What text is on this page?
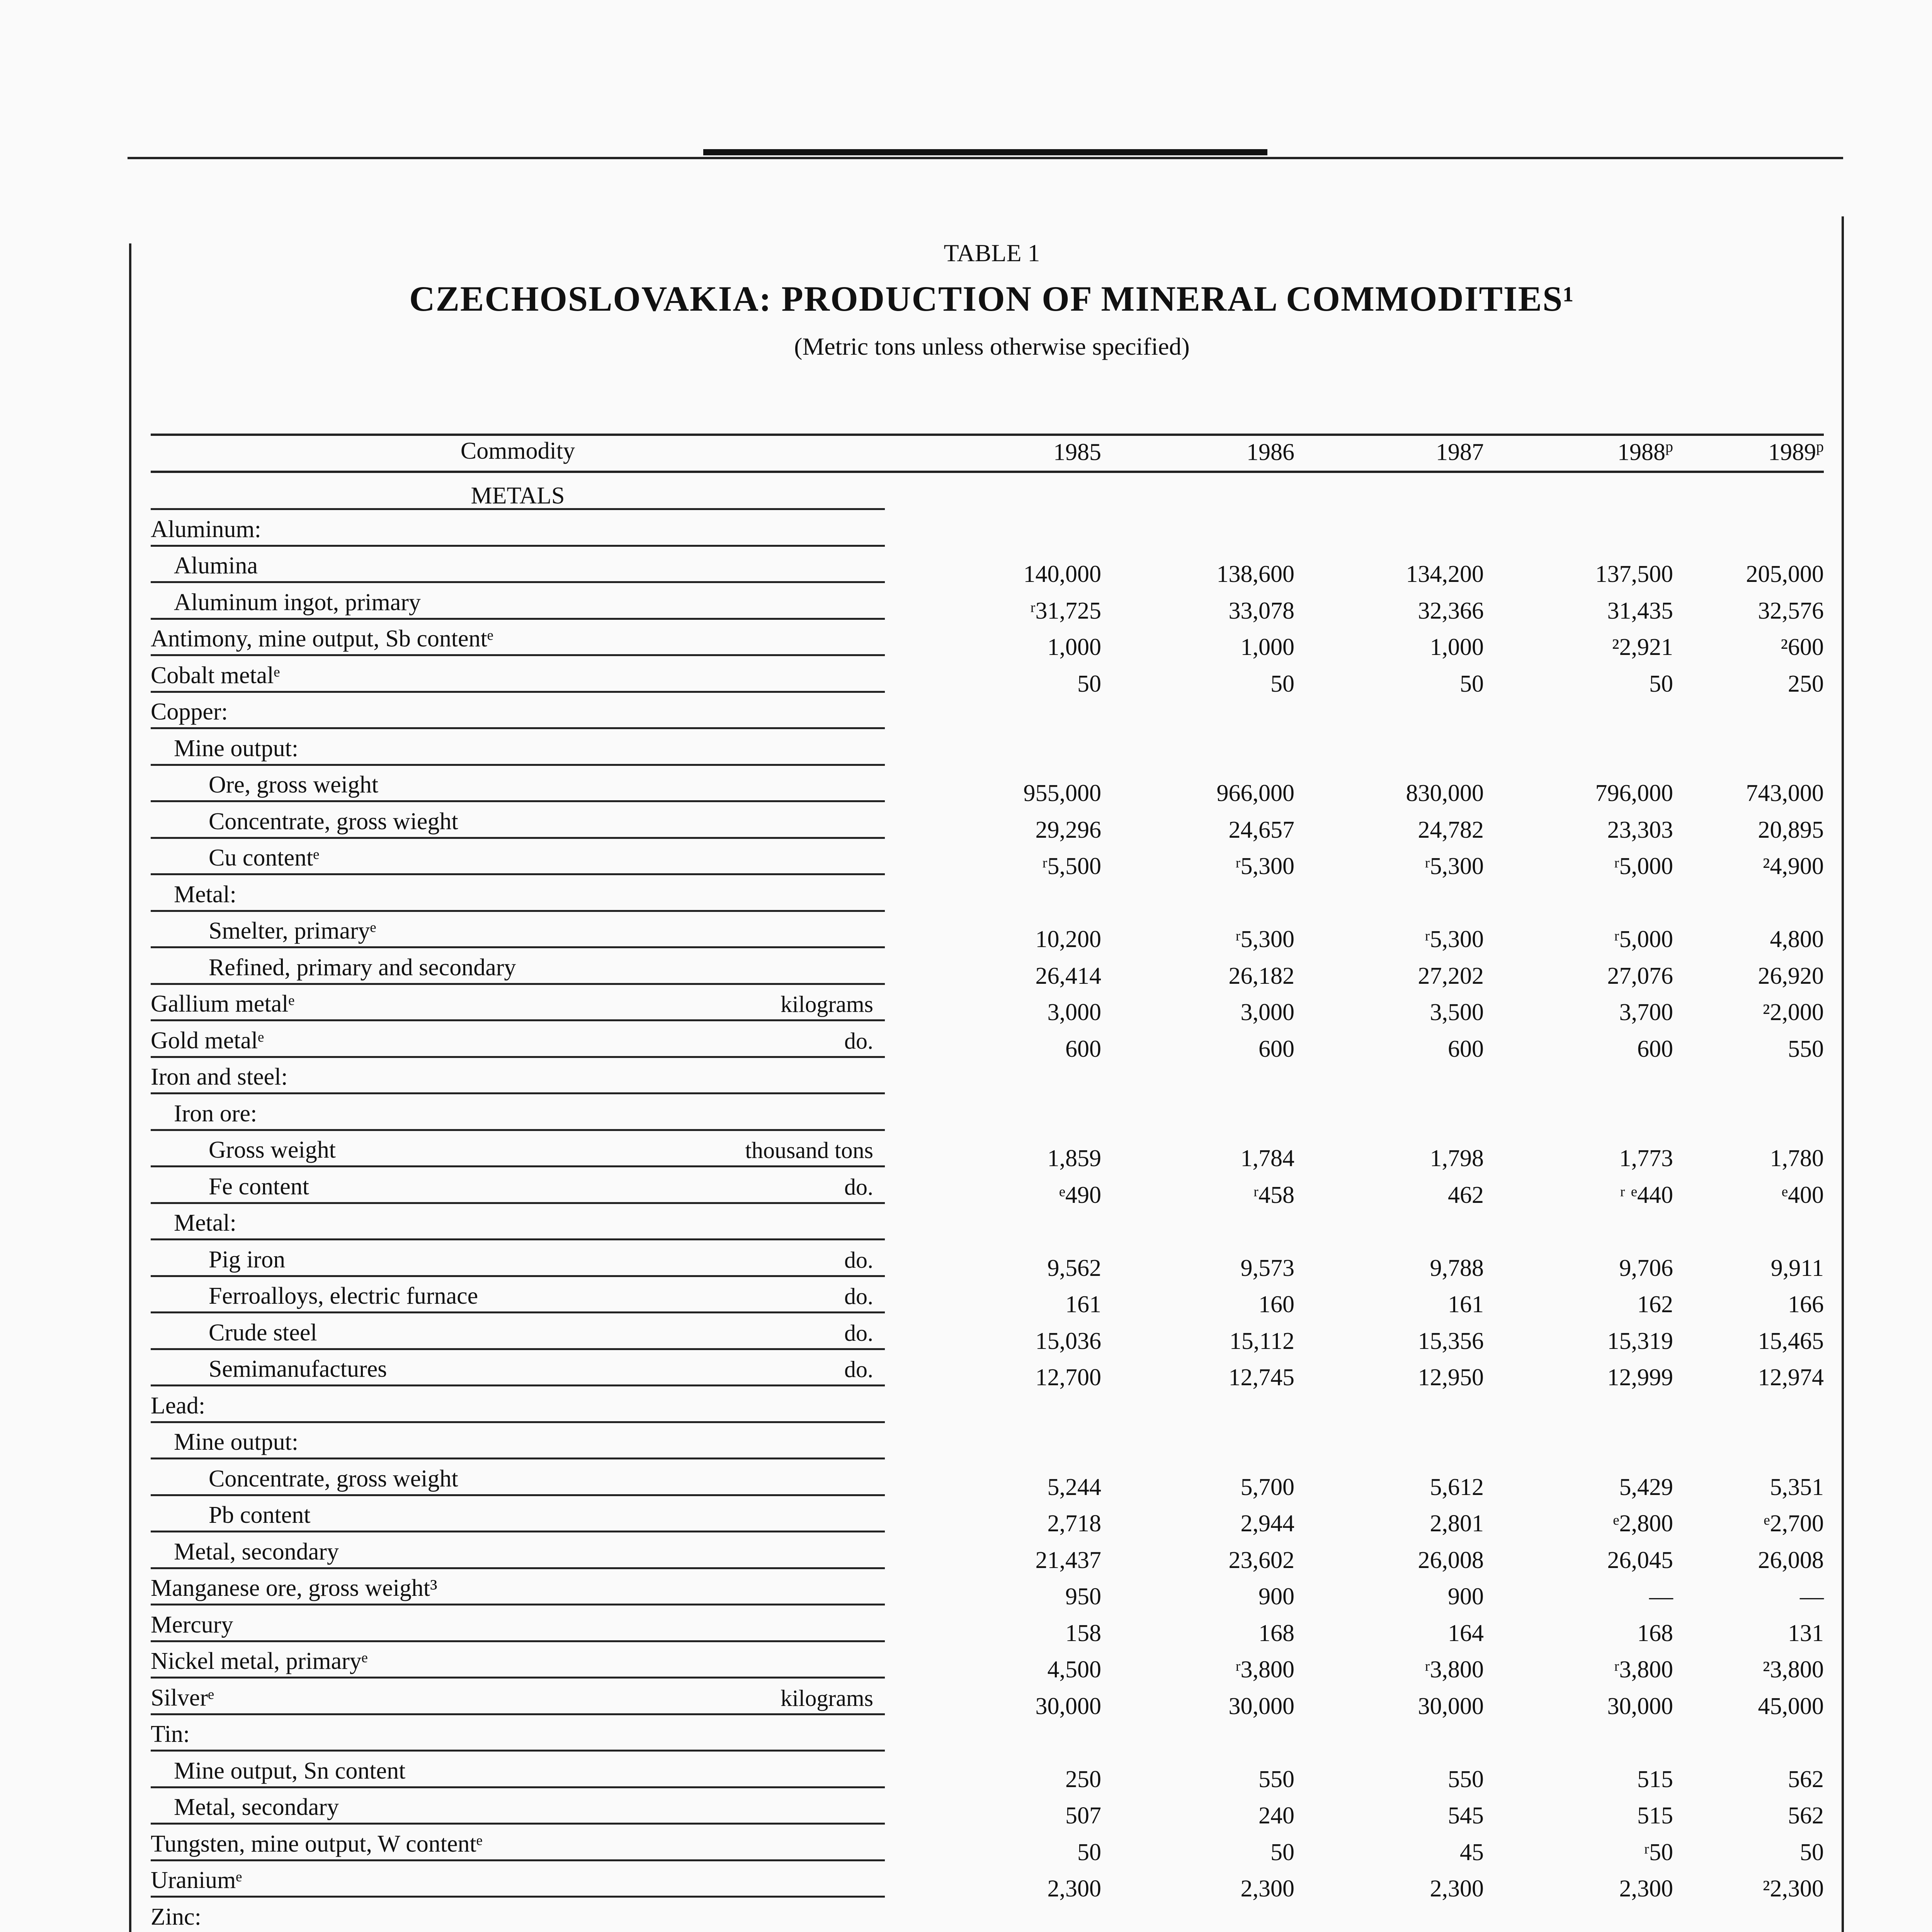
TABLE 1
CZECHOSLOVAKIA: PRODUCTION OF MINERAL COMMODITIES¹
(Metric tons unless otherwise specified)
Commodity	1985	1986	1987	1988$^p$	1989$^p$
METALS
Aluminum:
Alumina	140,000	138,600	134,200	137,500	205,000
Aluminum ingot, primary	ʳ31,725	33,078	32,366	31,435	32,576
Antimony, mine output, Sb contentᵉ	1,000	1,000	1,000	²2,921	²600
Cobalt metalᵉ	50	50	50	50	250
Copper:
Mine output:
Ore, gross weight	955,000	966,000	830,000	796,000	743,000
Concentrate, gross wieght	29,296	24,657	24,782	23,303	20,895
Cu contentᵉ	ʳ5,500	ʳ5,300	ʳ5,300	ʳ5,000	²4,900
Metal:
Smelter, primaryᵉ	10,200	ʳ5,300	ʳ5,300	ʳ5,000	4,800
Refined, primary and secondary	26,414	26,182	27,202	27,076	26,920
Gallium metalᵉ	kilograms	3,000	3,000	3,500	3,700	²2,000
Gold metalᵉ	do.	600	600	600	600	550
Iron and steel:
Iron ore:
Gross weight	thousand tons	1,859	1,784	1,798	1,773	1,780
Fe content	do.	ᵉ490	ʳ458	462	ʳ ᵉ440	ᵉ400
Metal:
Pig iron	do.	9,562	9,573	9,788	9,706	9,911
Ferroalloys, electric furnace	do.	161	160	161	162	166
Crude steel	do.	15,036	15,112	15,356	15,319	15,465
Semimanufactures	do.	12,700	12,745	12,950	12,999	12,974
Lead:
Mine output:
Concentrate, gross weight	5,244	5,700	5,612	5,429	5,351
Pb content	2,718	2,944	2,801	ᵉ2,800	ᵉ2,700
Metal, secondary	21,437	23,602	26,008	26,045	26,008
Manganese ore, gross weight³	950	900	900	—	—
Mercury	158	168	164	168	131
Nickel metal, primaryᵉ	4,500	ʳ3,800	ʳ3,800	ʳ3,800	²3,800
Silverᵉ	kilograms	30,000	30,000	30,000	30,000	45,000
Tin:
Mine output, Sn content	250	550	550	515	562
Metal, secondary	507	240	545	515	562
Tungsten, mine output, W contentᵉ	50	50	45	ʳ50	50
Uraniumᵉ	2,300	2,300	2,300	2,300	²2,300
Zinc:
